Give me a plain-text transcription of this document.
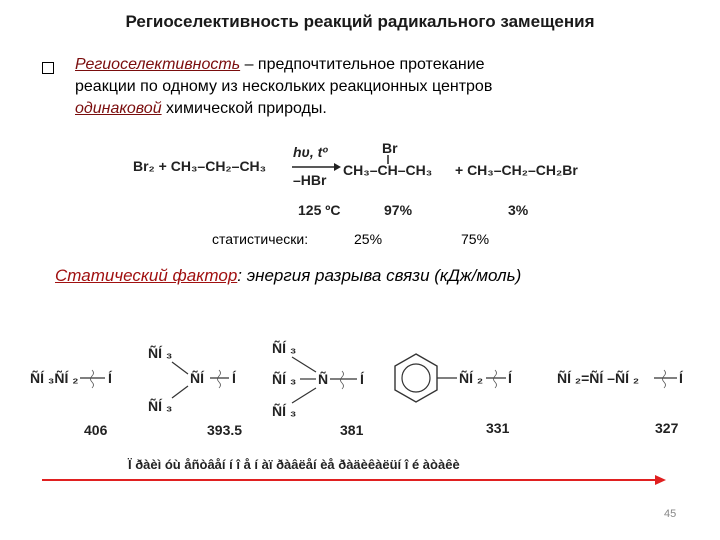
Региоселективность реакций радикального замещения
Региоселективность – предпочтительное протекание
реакции по одному из нескольких реакционных центров
одинаковой химической природы.
Br₂ + CH₃–CH₂–CH₃
hυ, tº
–HBr
Br
CH₃–CH–CH₃ + CH₃–CH₂–CH₂Br
125 ºC	97%	3%
статистически:	25%	75%
Статический фактор: энергия разрыва связи (кДж/моль)
ÑÍ ₃ÑÍ ₂ Í
ÑÍ ₃
ÑÍ
ÑÍ ₃
Í
ÑÍ ₃
ÑÍ ₃ Ñ
ÑÍ ₃
Í	ÑÍ ₂ Í	ÑÍ ₂=ÑÍ –ÑÍ ₂	Í
406	393.5	381	331	327
Ï ðàèì óù åñòâåí í î å í àï ðàâëåí èå ðàäèêàëüí î é àòàêè
45
